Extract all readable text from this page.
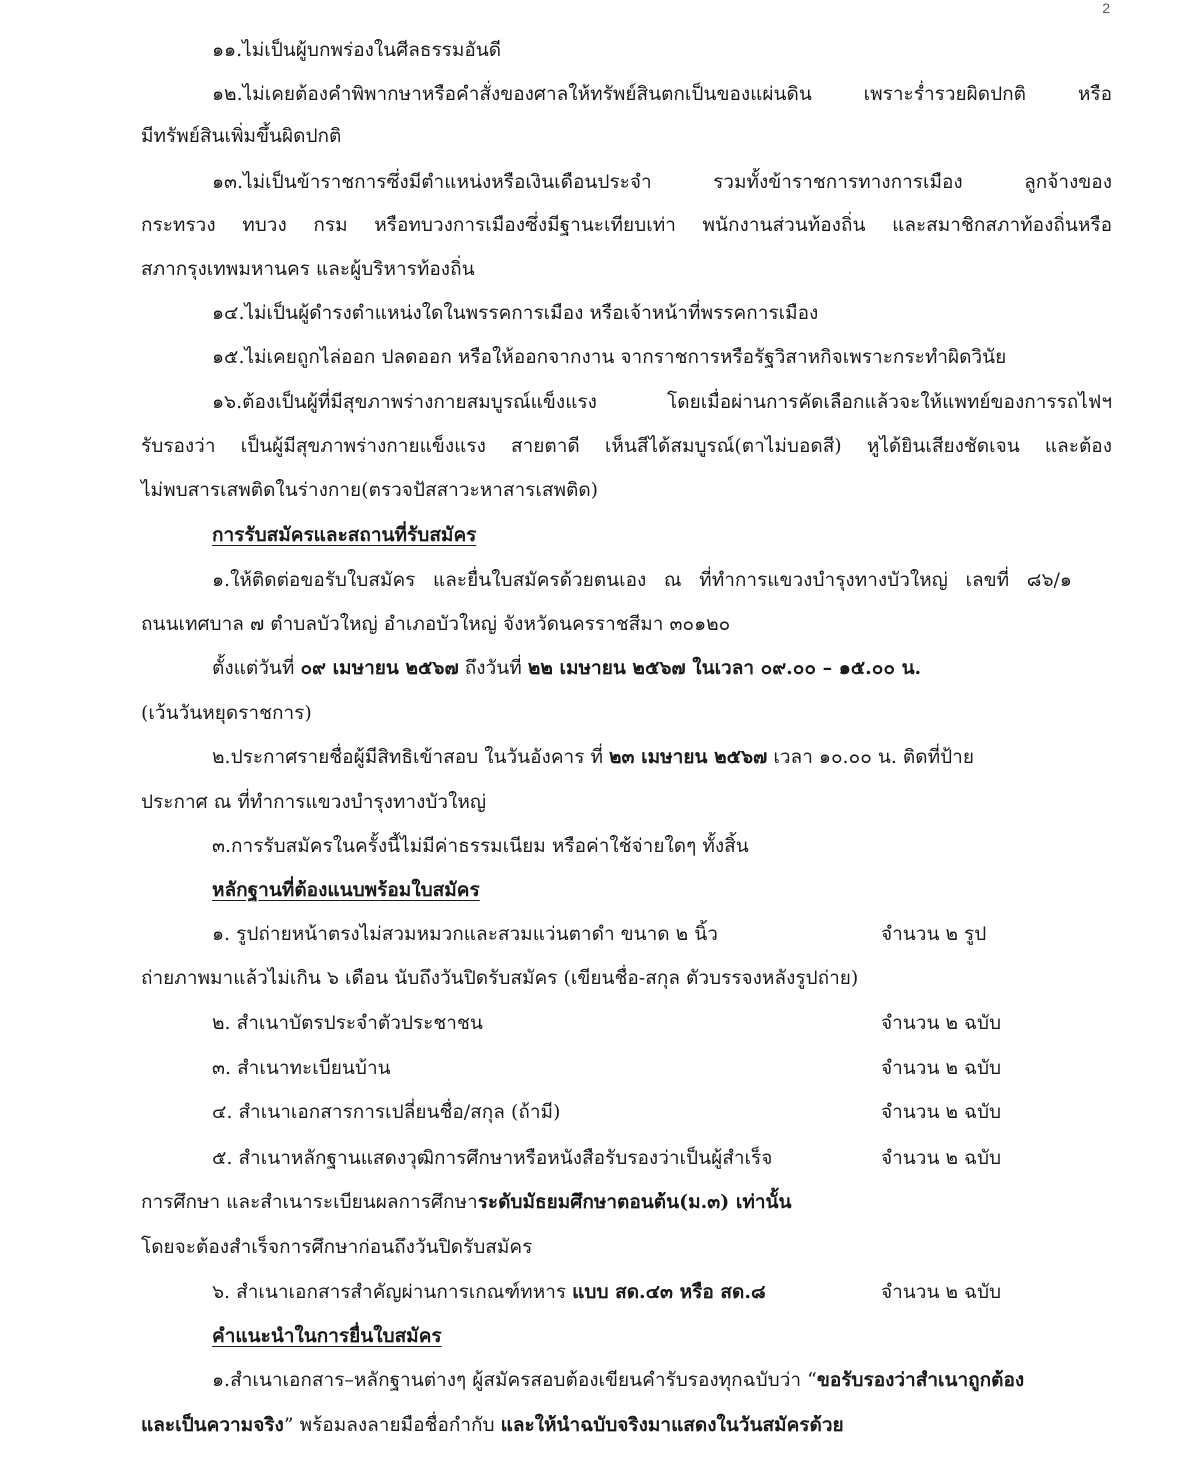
2
๑๑.ไม่เป็นผู้บกพร่องในศีลธรรมอันดี
๑๒.ไม่เคยต้องคำพิพากษาหรือคำสั่งของศาลให้ทรัพย์สินตกเป็นของแผ่นดิน เพราะร่ำรวยผิดปกติ หรือ
มีทรัพย์สินเพิ่มขึ้นผิดปกติ
๑๓.ไม่เป็นข้าราชการซึ่งมีตำแหน่งหรือเงินเดือนประจำ รวมทั้งข้าราชการทางการเมือง ลูกจ้างของ
กระทรวง ทบวง กรม หรือทบวงการเมืองซึ่งมีฐานะเทียบเท่า พนักงานส่วนท้องถิ่น และสมาชิกสภาท้องถิ่นหรือ
สภากรุงเทพมหานคร และผู้บริหารท้องถิ่น
๑๔.ไม่เป็นผู้ดำรงตำแหน่งใดในพรรคการเมือง หรือเจ้าหน้าที่พรรคการเมือง
๑๕.ไม่เคยถูกไล่ออก ปลดออก หรือให้ออกจากงาน จากราชการหรือรัฐวิสาหกิจเพราะกระทำผิดวินัย
๑๖.ต้องเป็นผู้ที่มีสุขภาพร่างกายสมบูรณ์แข็งแรง โดยเมื่อผ่านการคัดเลือกแล้วจะให้แพทย์ของการรถไฟฯ
รับรองว่า เป็นผู้มีสุขภาพร่างกายแข็งแรง สายตาดี เห็นสีได้สมบูรณ์(ตาไม่บอดสี) หูได้ยินเสียงชัดเจน และต้อง
ไม่พบสารเสพติดในร่างกาย(ตรวจปัสสาวะหาสารเสพติด)
การรับสมัครและสถานที่รับสมัคร
๑.ให้ติดต่อขอรับใบสมัคร และยื่นใบสมัครด้วยตนเอง ณ ที่ทำการแขวงบำรุงทางบัวใหญ่ เลขที่ ๘๖/๑
ถนนเทศบาล ๗ ตำบลบัวใหญ่ อำเภอบัวใหญ่ จังหวัดนครราชสีมา ๓๐๑๒๐
ตั้งแต่วันที่ ๐๙ เมษายน ๒๕๖๗ ถึงวันที่ ๒๒ เมษายน ๒๕๖๗ ในเวลา ๐๙.๐๐ – ๑๕.๐๐ น.
(เว้นวันหยุดราชการ)
๒.ประกาศรายชื่อผู้มีสิทธิเข้าสอบ ในวันอังคาร ที่ ๒๓ เมษายน ๒๕๖๗ เวลา ๑๐.๐๐ น. ติดที่ป้าย
ประกาศ ณ ที่ทำการแขวงบำรุงทางบัวใหญ่
๓.การรับสมัครในครั้งนี้ไม่มีค่าธรรมเนียม หรือค่าใช้จ่ายใดๆ ทั้งสิ้น
หลักฐานที่ต้องแนบพร้อมใบสมัคร
๑. รูปถ่ายหน้าตรงไม่สวมหมวกและสวมแว่นตาดำ ขนาด ๒ นิ้ว	จำนวน ๒ รูป
ถ่ายภาพมาแล้วไม่เกิน ๖ เดือน นับถึงวันปิดรับสมัคร (เขียนชื่อ-สกุล ตัวบรรจงหลังรูปถ่าย)
๒. สำเนาบัตรประจำตัวประชาชน	จำนวน ๒ ฉบับ
๓. สำเนาทะเบียนบ้าน	จำนวน ๒ ฉบับ
๔. สำเนาเอกสารการเปลี่ยนชื่อ/สกุล (ถ้ามี)	จำนวน ๒ ฉบับ
๕. สำเนาหลักฐานแสดงวุฒิการศึกษาหรือหนังสือรับรองว่าเป็นผู้สำเร็จ	จำนวน ๒ ฉบับ
การศึกษา และสำเนาระเบียนผลการศึกษาระดับมัธยมศึกษาตอนต้น(ม.๓) เท่านั้น
โดยจะต้องสำเร็จการศึกษาก่อนถึงวันปิดรับสมัคร
๖. สำเนาเอกสารสำคัญผ่านการเกณฑ์ทหาร แบบ สด.๔๓ หรือ สด.๘	จำนวน ๒ ฉบับ
คำแนะนำในการยื่นใบสมัคร
๑.สำเนาเอกสาร–หลักฐานต่างๆ ผู้สมัครสอบต้องเขียนคำรับรองทุกฉบับว่า “ขอรับรองว่าสำเนาถูกต้อง
และเป็นความจริง” พร้อมลงลายมือชื่อกำกับ และให้นำฉบับจริงมาแสดงในวันสมัครด้วย
